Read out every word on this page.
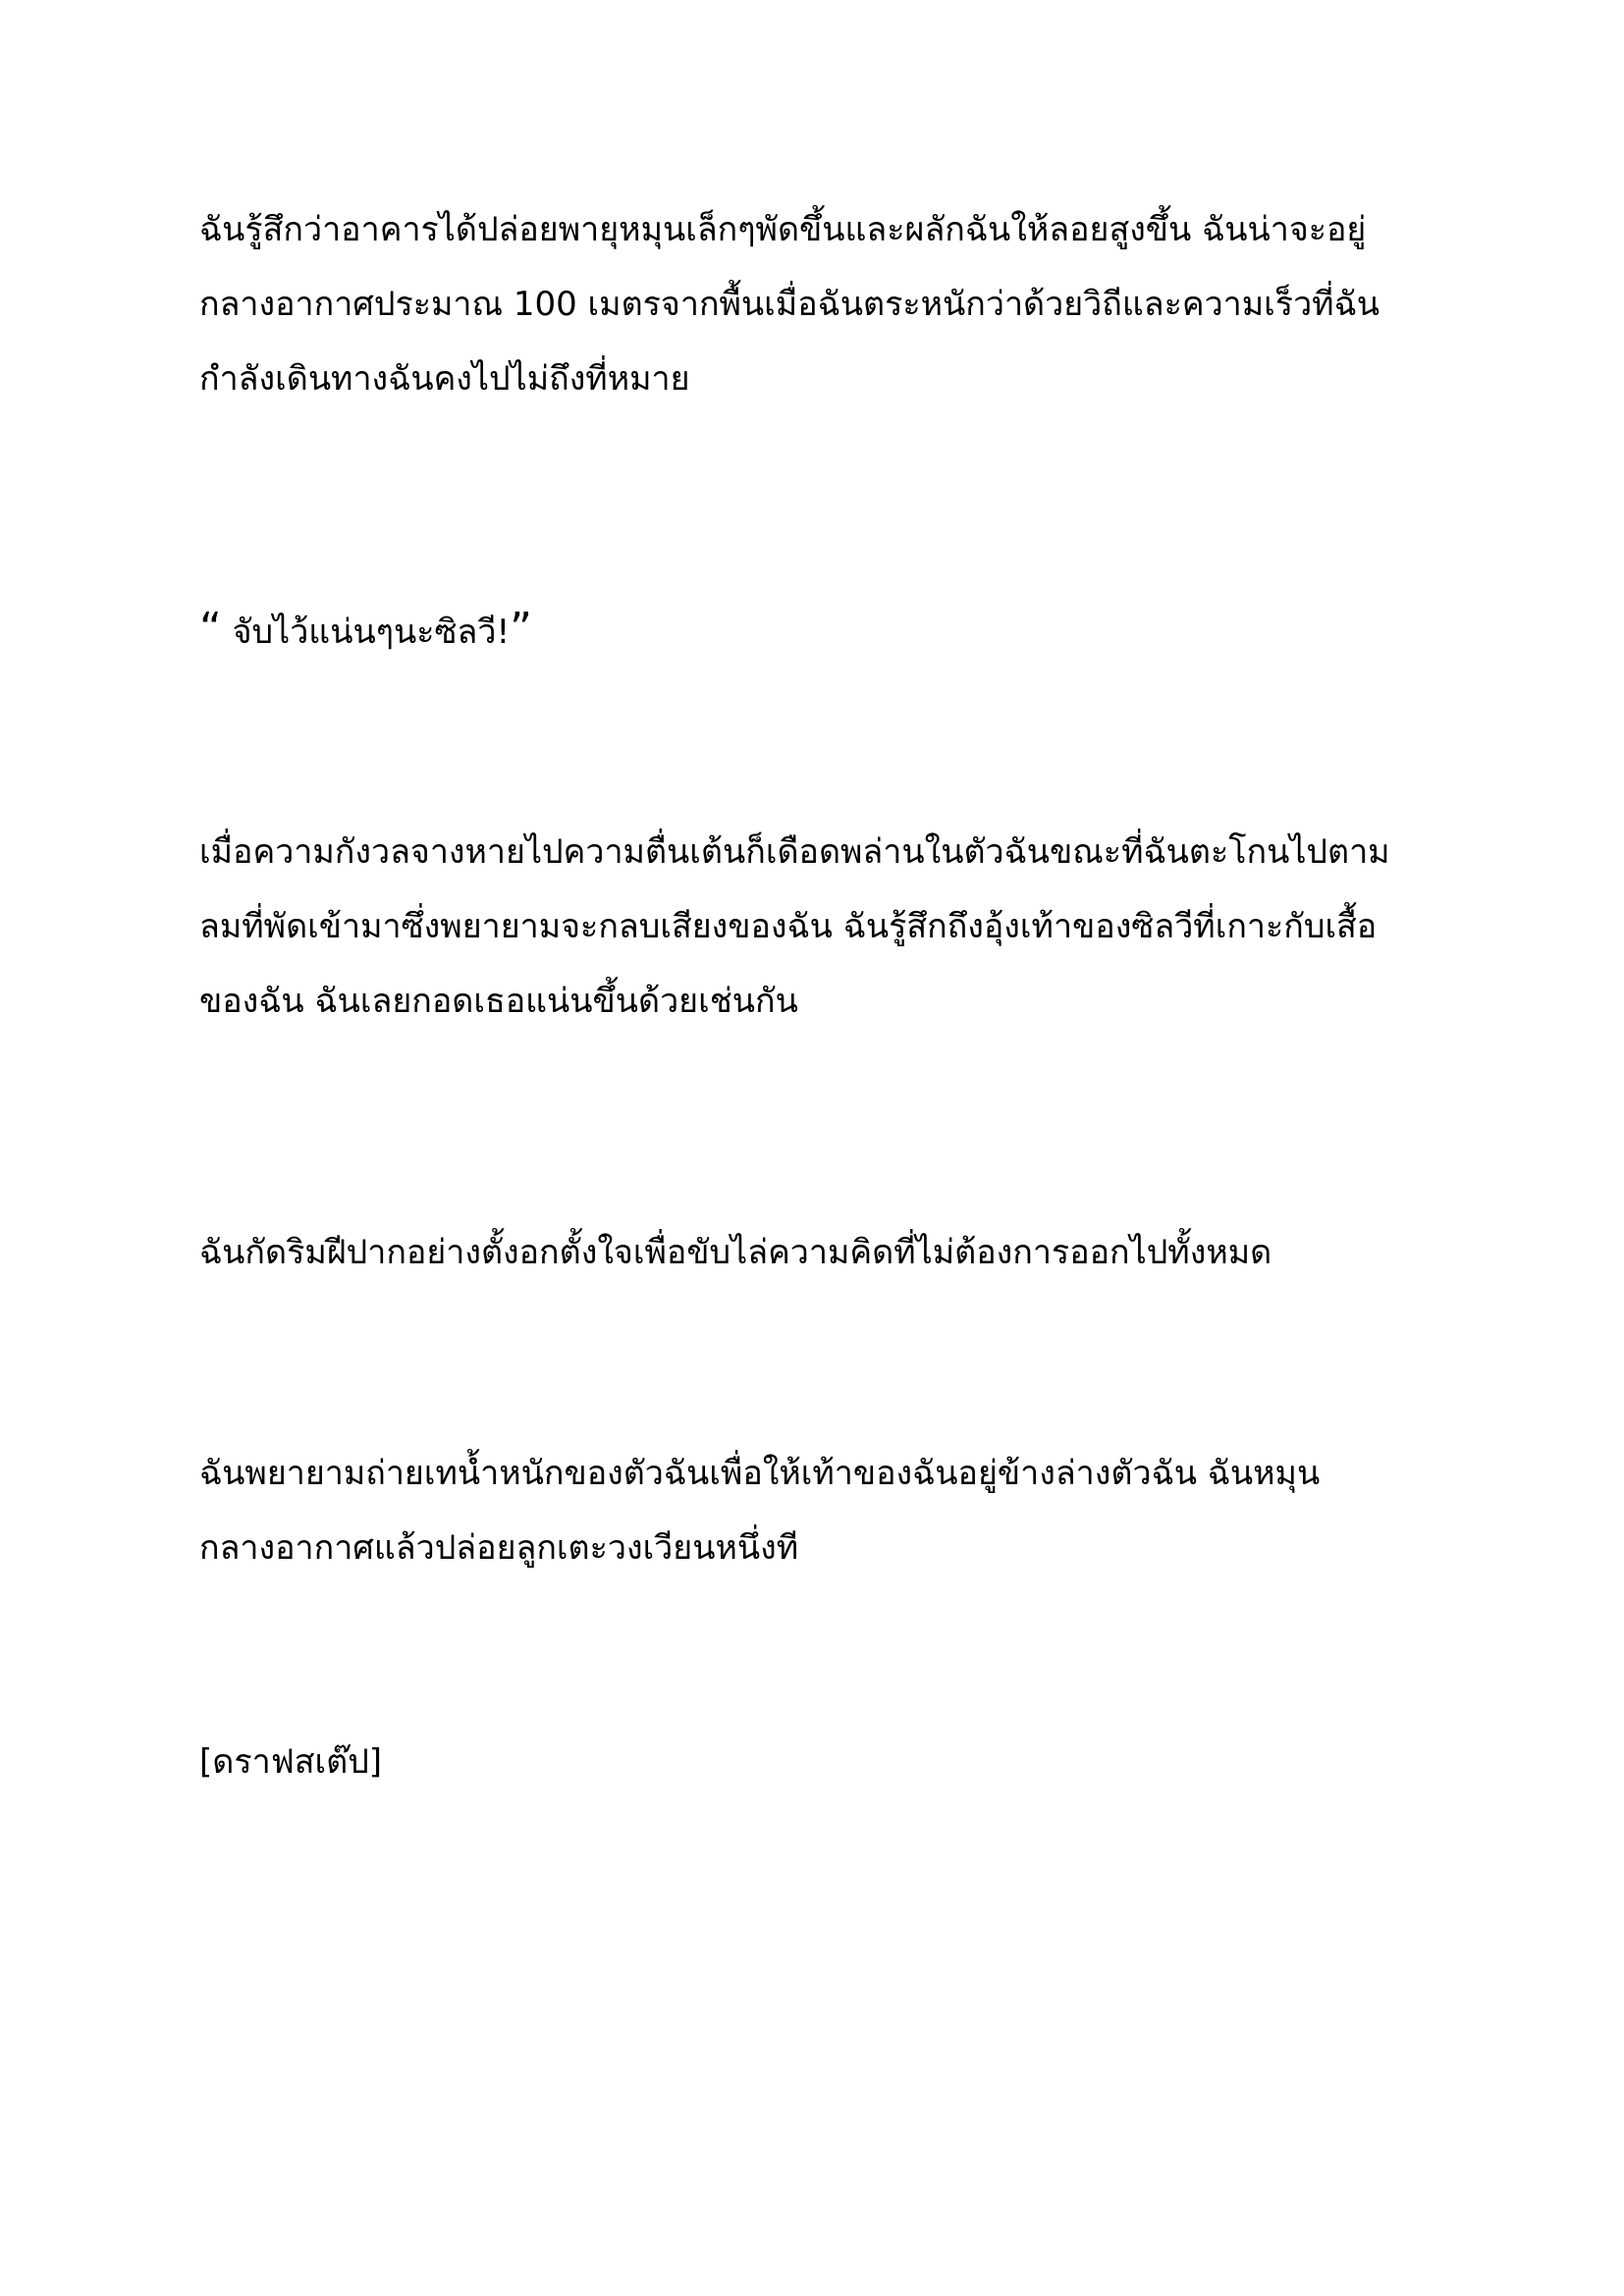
ฉันรู้สึกว่าอาคารได้ปล่อยพายุหมุนเล็กๆพัดขึ้นและผลักฉันให้ลอยสูงขึ้น ฉันน่าจะอยู่
กลางอากาศประมาณ 100 เมตรจากพื้นเมื่อฉันตระหนักว่าด้วยวิถีและความเร็วที่ฉัน
กำลังเดินทางฉันคงไปไม่ถึงที่หมาย

“ จับไว้แน่นๆนะซิลวี!”

เมื่อความกังวลจางหายไปความตื่นเต้นก็เดือดพล่านในตัวฉันขณะที่ฉันตะโกนไปตาม
ลมที่พัดเข้ามาซึ่งพยายามจะกลบเสียงของฉัน ฉันรู้สึกถึงอุ้งเท้าของซิลวีที่เกาะกับเสื้อ
ของฉัน ฉันเลยกอดเธอแน่นขึ้นด้วยเช่นกัน

ฉันกัดริมฝีปากอย่างตั้งอกตั้งใจเพื่อขับไล่ความคิดที่ไม่ต้องการออกไปทั้งหมด

ฉันพยายามถ่ายเทน้ำหนักของตัวฉันเพื่อให้เท้าของฉันอยู่ข้างล่างตัวฉัน ฉันหมุน
กลางอากาศแล้วปล่อยลูกเตะวงเวียนหนึ่งที

[ดราฟสเต๊ป]
